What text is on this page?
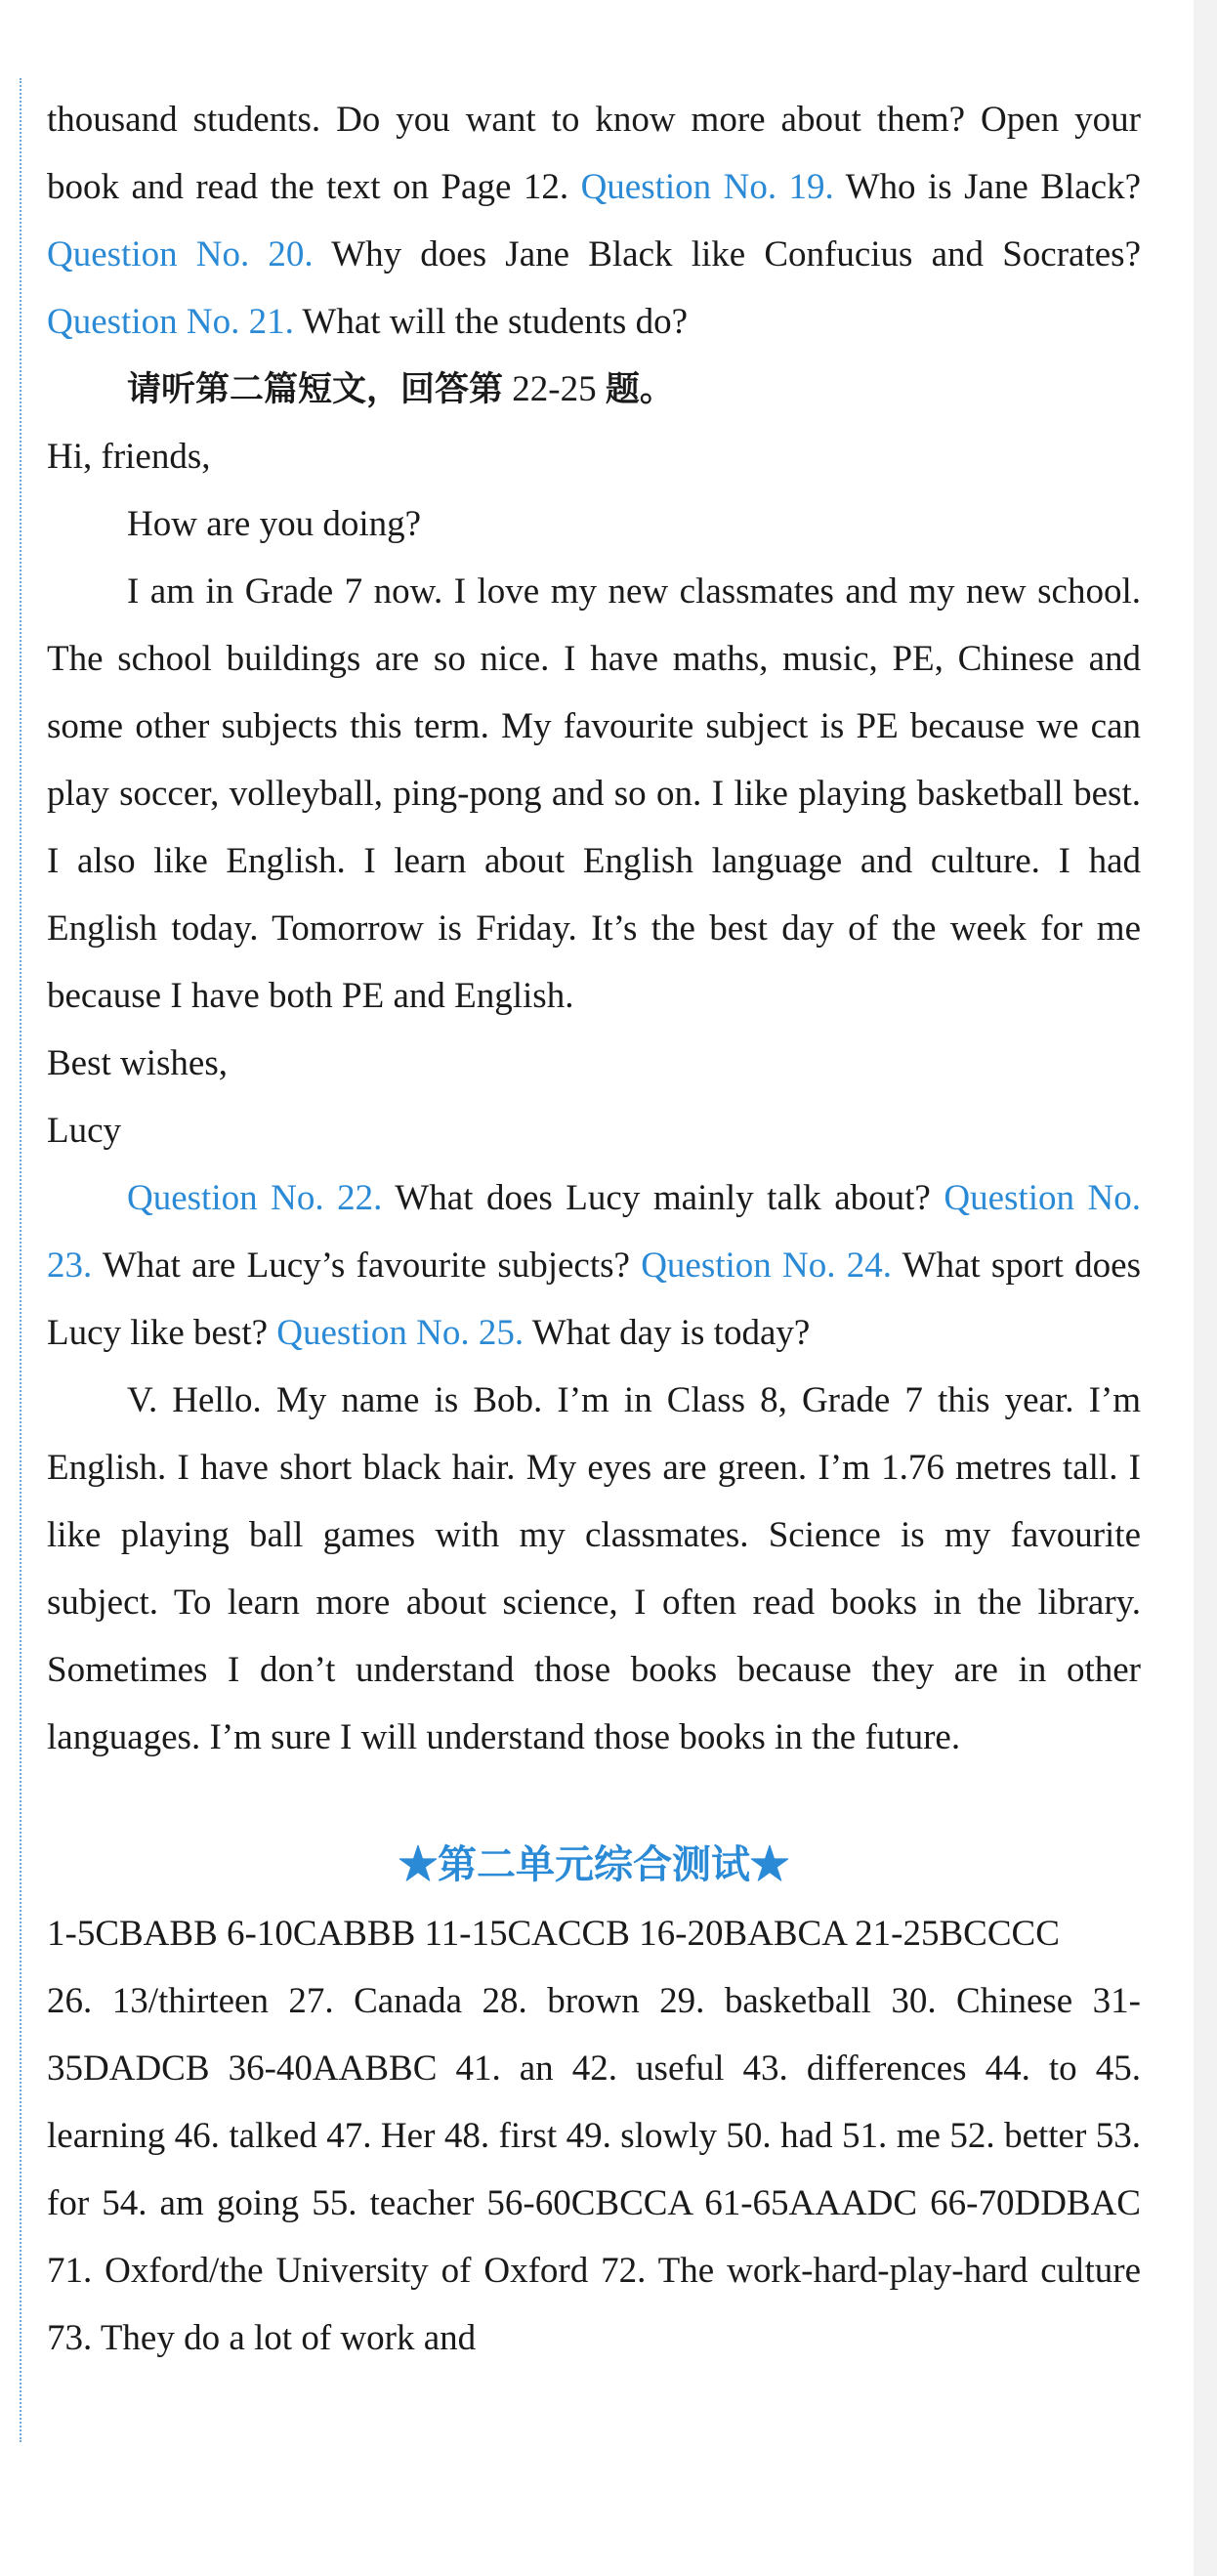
thousand students. Do you want to know more about them? Open your book and read the text on Page 12. Question No. 19. Who is Jane Black? Question No. 20. Why does Jane Black like Confucius and Socrates? Question No. 21. What will the students do?

请听第二篇短文，回答第 22-25 题。

Hi, friends,

How are you doing?

I am in Grade 7 now. I love my new classmates and my new school. The school buildings are so nice. I have maths, music, PE, Chinese and some other subjects this term. My favourite subject is PE because we can play soccer, volleyball, ping-pong and so on. I like playing basketball best. I also like English. I learn about English language and culture. I had English today. Tomorrow is Friday. It’s the best day of the week for me because I have both PE and English.

Best wishes,

Lucy

Question No. 22. What does Lucy mainly talk about? Question No. 23. What are Lucy’s favourite subjects? Question No. 24. What sport does Lucy like best? Question No. 25. What day is today?

V. Hello. My name is Bob. I’m in Class 8, Grade 7 this year. I’m English. I have short black hair. My eyes are green. I’m 1.76 metres tall. I like playing ball games with my classmates. Science is my favourite subject. To learn more about science, I often read books in the library. Sometimes I don’t understand those books because they are in other languages. I’m sure I will understand those books in the future.

★第二单元综合测试★

1-5CBABB 6-10CABBB 11-15CACCB 16-20BABCA 21-25BCCCC

26. 13/thirteen 27. Canada 28. brown 29. basketball 30. Chinese 31-35DADCB 36-40AABBC 41. an 42. useful 43. differences 44. to 45. learning 46. talked 47. Her 48. first 49. slowly 50. had 51. me 52. better 53. for 54. am going 55. teacher 56-60CBCCA 61-65AAADC 66-70DDBAC 71. Oxford/the University of Oxford 72. The work-hard-play-hard culture 73. They do a lot of work and
